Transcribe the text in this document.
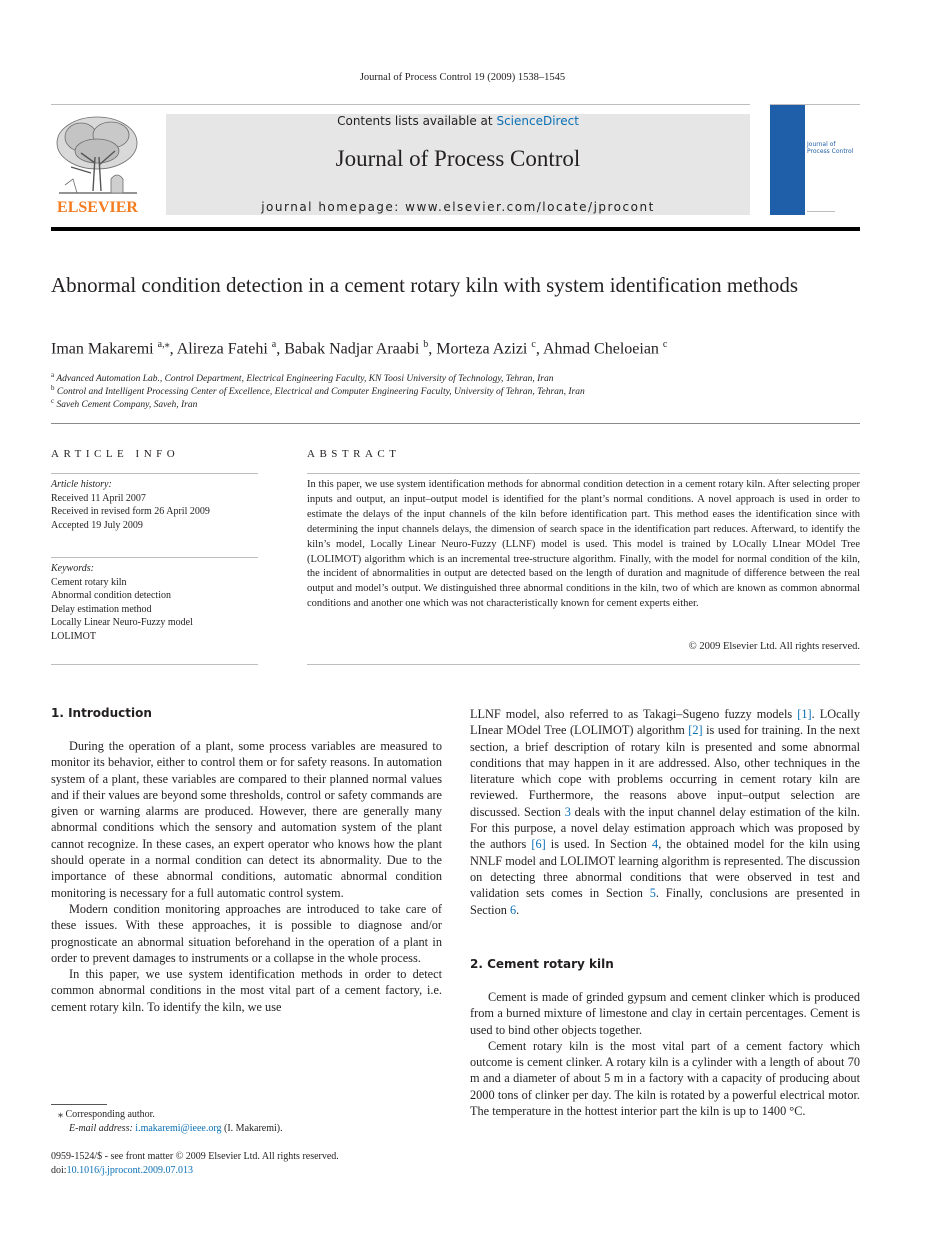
Journal of Process Control 19 (2009) 1538–1545
ELSEVIER
Contents lists available at ScienceDirect
Journal of Process Control
journal homepage: www.elsevier.com/locate/jprocont
Journal of Process Control
Abnormal condition detection in a cement rotary kiln with system identification methods
Iman Makaremi $^{a,⁎}$, Alireza Fatehi $^a$, Babak Nadjar Araabi $^b$, Morteza Azizi $^c$, Ahmad Cheloeian $^c$
$^a$ Advanced Automation Lab., Control Department, Electrical Engineering Faculty, KN Toosi University of Technology, Tehran, Iran
$^b$ Control and Intelligent Processing Center of Excellence, Electrical and Computer Engineering Faculty, University of Tehran, Tehran, Iran
$^c$ Saveh Cement Company, Saveh, Iran
ARTICLE INFO
Article history:
Received 11 April 2007
Received in revised form 26 April 2009
Accepted 19 July 2009
Keywords:
Cement rotary kiln
Abnormal condition detection
Delay estimation method
Locally Linear Neuro-Fuzzy model
LOLIMOT
ABSTRACT
In this paper, we use system identification methods for abnormal condition detection in a cement rotary kiln. After selecting proper inputs and output, an input–output model is identified for the plant’s normal conditions. A novel approach is used in order to estimate the delays of the input channels of the kiln before identification part. This method eases the identification since with determining the input channels delays, the dimension of search space in the identification part reduces. Afterward, to identify the kiln’s model, Locally Linear Neuro-Fuzzy (LLNF) model is used. This model is trained by LOcally LInear MOdel Tree (LOLIMOT) algorithm which is an incremental tree-structure algorithm. Finally, with the model for normal condition of the kiln, the incident of abnormalities in output are detected based on the length of duration and magnitude of difference between the real output and model’s output. We distinguished three abnormal conditions in the kiln, two of which are known as common abnormal conditions and another one which was not characteristically known for cement experts either.
© 2009 Elsevier Ltd. All rights reserved.
1. Introduction

During the operation of a plant, some process variables are measured to monitor its behavior, either to control them or for safety reasons. In automation system of a plant, these variables are compared to their planned normal values and if their values are beyond some thresholds, control or safety commands are given or warning alarms are produced. However, there are generally many abnormal conditions which the sensory and automation system of the plant cannot recognize. In these cases, an expert operator who knows how the plant should operate in a normal condition can detect its abnormality. Due to the importance of these abnormal conditions, automatic abnormal condition monitoring is necessary for a full automatic control system.

Modern condition monitoring approaches are introduced to take care of these issues. With these approaches, it is possible to diagnose and/or prognosticate an abnormal situation beforehand in the operation of a plant in order to prevent damages to instruments or a collapse in the whole process.

In this paper, we use system identification methods in order to detect common abnormal conditions in the most vital part of a cement factory, i.e. cement rotary kiln. To identify the kiln, we use

LLNF model, also referred to as Takagi–Sugeno fuzzy models [1]. LOcally LInear MOdel Tree (LOLIMOT) algorithm [2] is used for training. In the next section, a brief description of rotary kiln is presented and some abnormal conditions that may happen in it are addressed. Also, other techniques in the literature which cope with problems occurring in cement rotary kiln are reviewed. Furthermore, the reasons above input–output selection are discussed. Section 3 deals with the input channel delay estimation of the kiln. For this purpose, a novel delay estimation approach which was proposed by the authors [6] is used. In Section 4, the obtained model for the kiln using NNLF model and LOLIMOT learning algorithm is represented. The discussion on detecting three abnormal conditions that were observed in test and validation sets comes in Section 5. Finally, conclusions are presented in Section 6.

2. Cement rotary kiln

Cement is made of grinded gypsum and cement clinker which is produced from a burned mixture of limestone and clay in certain percentages. Cement is used to bind other objects together.

Cement rotary kiln is the most vital part of a cement factory which outcome is cement clinker. A rotary kiln is a cylinder with a length of about 70 m and a diameter of about 5 m in a factory with a capacity of producing about 2000 tons of clinker per day. The kiln is rotated by a powerful electrical motor. The temperature in the hottest interior part the kiln is up to 1400 °C.

⁎ Corresponding author.
E-mail address: i.makaremi@ieee.org (I. Makaremi).
0959-1524/$ - see front matter © 2009 Elsevier Ltd. All rights reserved.
doi:10.1016/j.jprocont.2009.07.013
